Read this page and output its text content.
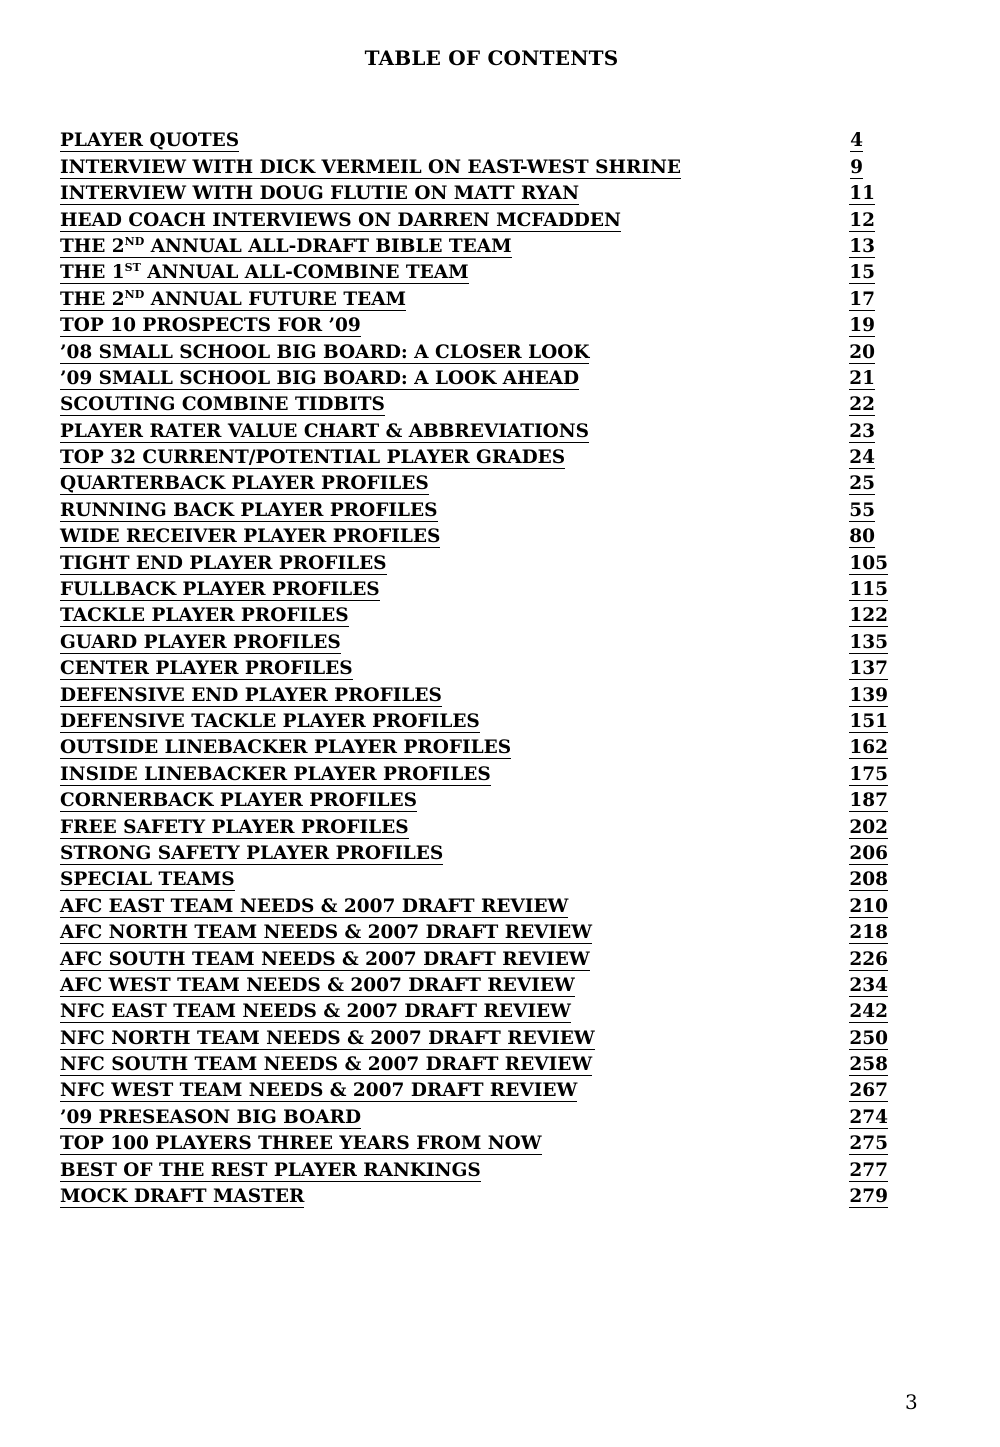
TABLE OF CONTENTS
PLAYER QUOTES	4
INTERVIEW WITH DICK VERMEIL ON EAST-WEST SHRINE	9
INTERVIEW WITH DOUG FLUTIE ON MATT RYAN	11
HEAD COACH INTERVIEWS ON DARREN MCFADDEN	12
THE 2ND ANNUAL ALL-DRAFT BIBLE TEAM	13
THE 1ST ANNUAL ALL-COMBINE TEAM	15
THE 2ND ANNUAL FUTURE TEAM	17
TOP 10 PROSPECTS FOR ’09	19
’08 SMALL SCHOOL BIG BOARD: A CLOSER LOOK	20
’09 SMALL SCHOOL BIG BOARD: A LOOK AHEAD	21
SCOUTING COMBINE TIDBITS	22
PLAYER RATER VALUE CHART & ABBREVIATIONS	23
TOP 32 CURRENT/POTENTIAL PLAYER GRADES	24
QUARTERBACK PLAYER PROFILES	25
RUNNING BACK PLAYER PROFILES	55
WIDE RECEIVER PLAYER PROFILES	80
TIGHT END PLAYER PROFILES	105
FULLBACK PLAYER PROFILES	115
TACKLE PLAYER PROFILES	122
GUARD PLAYER PROFILES	135
CENTER PLAYER PROFILES	137
DEFENSIVE END PLAYER PROFILES	139
DEFENSIVE TACKLE PLAYER PROFILES	151
OUTSIDE LINEBACKER PLAYER PROFILES	162
INSIDE LINEBACKER PLAYER PROFILES	175
CORNERBACK PLAYER PROFILES	187
FREE SAFETY PLAYER PROFILES	202
STRONG SAFETY PLAYER PROFILES	206
SPECIAL TEAMS	208
AFC EAST TEAM NEEDS & 2007 DRAFT REVIEW	210
AFC NORTH TEAM NEEDS & 2007 DRAFT REVIEW	218
AFC SOUTH TEAM NEEDS & 2007 DRAFT REVIEW	226
AFC WEST TEAM NEEDS & 2007 DRAFT REVIEW	234
NFC EAST TEAM NEEDS & 2007 DRAFT REVIEW	242
NFC NORTH TEAM NEEDS & 2007 DRAFT REVIEW	250
NFC SOUTH TEAM NEEDS & 2007 DRAFT REVIEW	258
NFC WEST TEAM NEEDS & 2007 DRAFT REVIEW	267
’09 PRESEASON BIG BOARD	274
TOP 100 PLAYERS THREE YEARS FROM NOW	275
BEST OF THE REST PLAYER RANKINGS	277
MOCK DRAFT MASTER	279
3
